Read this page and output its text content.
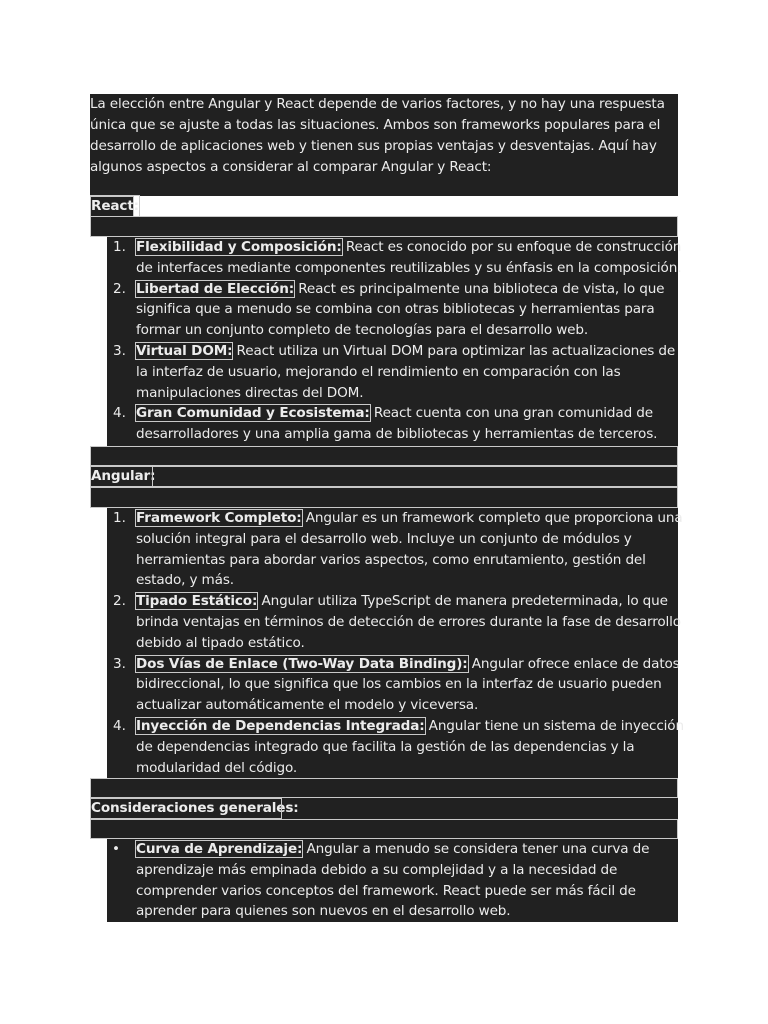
La elección entre Angular y React depende de varios factores, y no hay una respuesta
única que se ajuste a todas las situaciones. Ambos son frameworks populares para el
desarrollo de aplicaciones web y tienen sus propias ventajas y desventajas. Aquí hay
algunos aspectos a considerar al comparar Angular y React:
React:
1. Flexibilidad y Composición: React es conocido por su enfoque de construcción
de interfaces mediante componentes reutilizables y su énfasis en la composición.
2. Libertad de Elección: React es principalmente una biblioteca de vista, lo que
significa que a menudo se combina con otras bibliotecas y herramientas para
formar un conjunto completo de tecnologías para el desarrollo web.
3. Virtual DOM: React utiliza un Virtual DOM para optimizar las actualizaciones de
la interfaz de usuario, mejorando el rendimiento en comparación con las
manipulaciones directas del DOM.
4. Gran Comunidad y Ecosistema: React cuenta con una gran comunidad de
desarrolladores y una amplia gama de bibliotecas y herramientas de terceros.
Angular:
1. Framework Completo: Angular es un framework completo que proporciona una
solución integral para el desarrollo web. Incluye un conjunto de módulos y
herramientas para abordar varios aspectos, como enrutamiento, gestión del
estado, y más.
2. Tipado Estático: Angular utiliza TypeScript de manera predeterminada, lo que
brinda ventajas en términos de detección de errores durante la fase de desarrollo
debido al tipado estático.
3. Dos Vías de Enlace (Two-Way Data Binding): Angular ofrece enlace de datos
bidireccional, lo que significa que los cambios en la interfaz de usuario pueden
actualizar automáticamente el modelo y viceversa.
4. Inyección de Dependencias Integrada: Angular tiene un sistema de inyección
de dependencias integrado que facilita la gestión de las dependencias y la
modularidad del código.
Consideraciones generales:
• Curva de Aprendizaje: Angular a menudo se considera tener una curva de
aprendizaje más empinada debido a su complejidad y a la necesidad de
comprender varios conceptos del framework. React puede ser más fácil de
aprender para quienes son nuevos en el desarrollo web.
